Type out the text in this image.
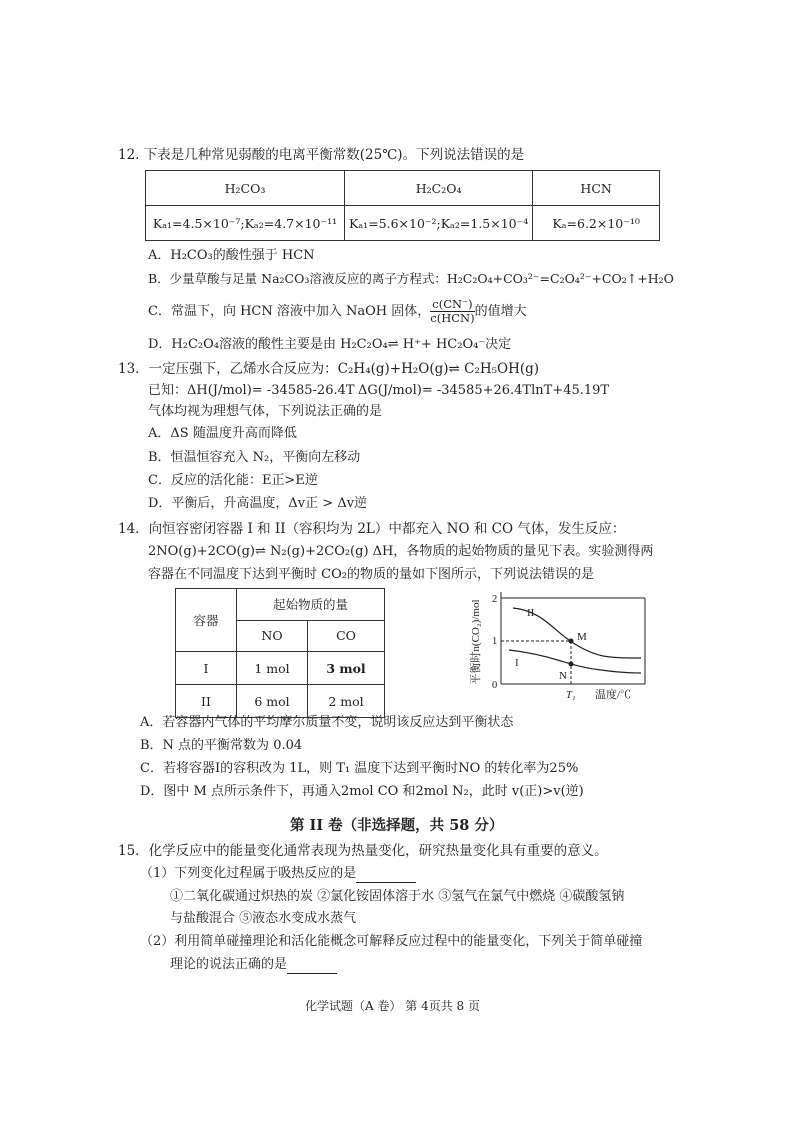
12. 下表是几种常见弱酸的电离平衡常数(25℃)。下列说法错误的是
H₂CO₃	H₂C₂O₄	HCN
Kₐ₁=4.5×10⁻⁷;Kₐ₂=4.7×10⁻¹¹	Kₐ₁=5.6×10⁻²;Kₐ₂=1.5×10⁻⁴	Kₐ=6.2×10⁻¹⁰
A．H₂CO₃的酸性强于 HCN
B．少量草酸与足量 Na₂CO₃溶液反应的离子方程式：H₂C₂O₄+CO₃²⁻=C₂O₄²⁻+CO₂↑+H₂O
C．常温下，向 HCN 溶液中加入 NaOH 固体， $\frac{c(CN^-)}{\text{c(HCN)}}$ 的值增大
D．H₂C₂O₄溶液的酸性主要是由 H₂C₂O₄⇌ H⁺+ HC₂O₄⁻决定
13．一定压强下，乙烯水合反应为：C₂H₄(g)+H₂O(g)⇌ C₂H₅OH(g)
已知：ΔH(J/mol)= -34585-26.4T ΔG(J/mol)= -34585+26.4TlnT+45.19T
气体均视为理想气体，下列说法正确的是
A．ΔS 随温度升高而降低
B．恒温恒容充入 N₂，平衡向左移动
C．反应的活化能：E正>E逆
D．平衡后，升高温度，Δv正 > Δv逆
14．向恒容密闭容器 I 和 II（容积均为 2L）中都充入 NO 和 CO 气体，发生反应：
2NO(g)+2CO(g)⇌ N₂(g)+2CO₂(g) ΔH，各物质的起始物质的量见下表。实验测得两
容器在不同温度下达到平衡时 CO₂的物质的量如下图所示，下列说法错误的是
容器	起始物质的量	
	NO	CO
I	1 mol	3 mol
II	6 mol	2 mol
平衡时n(CO₂)/mol 2
1
0
II
I
M
N
T₁ 温度/℃
A．若容器内气体的平均摩尔质量不变，说明该反应达到平衡状态
B．N 点的平衡常数为 0.04
C．若将容器I的容积改为 1L，则 T₁ 温度下达到平衡时NO 的转化率为25%
D．图中 M 点所示条件下，再通入2mol CO 和2mol N₂，此时 v(正)>v(逆)
第 II 卷（非选择题，共 58 分）
15．化学反应中的能量变化通常表现为热量变化，研究热量变化具有重要的意义。
（1）下列变化过程属于吸热反应的是
①二氧化碳通过炽热的炭 ②氯化铵固体溶于水 ③氢气在氯气中燃烧 ④碳酸氢钠
与盐酸混合 ⑤液态水变成水蒸气
（2）利用简单碰撞理论和活化能概念可解释反应过程中的能量变化，下列关于简单碰撞
理论的说法正确的是
化学试题（A 卷） 第 4页共 8 页
